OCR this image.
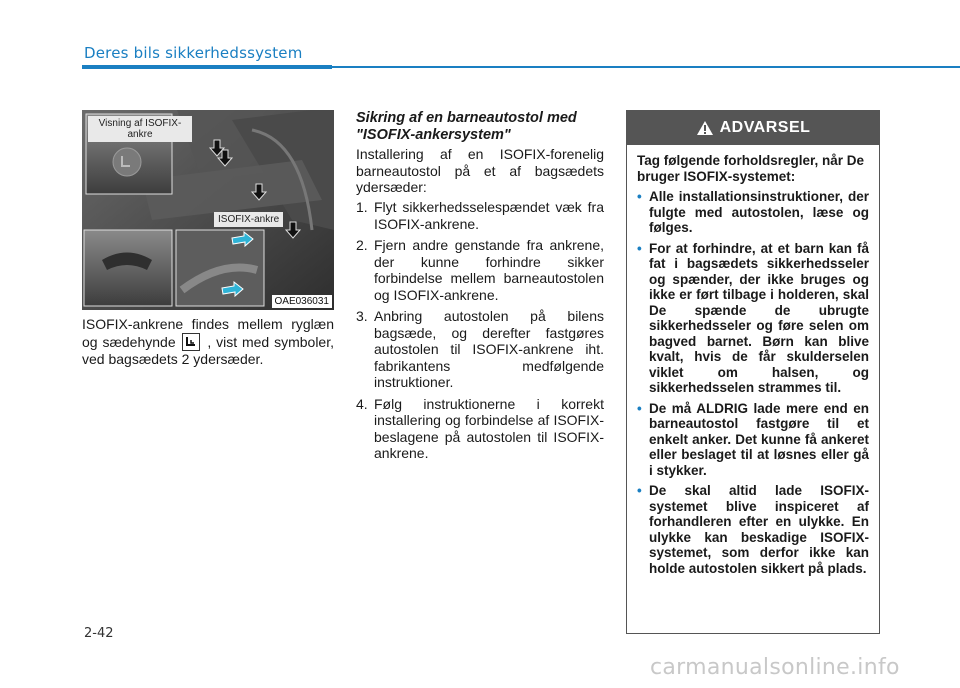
Deres bils sikkerhedssystem
Visning af ISOFIX-ankre
ISOFIX-ankre
OAE036031
ISOFIX-ankrene findes mellem ryglæn og sædehynde , vist med symboler, ved bagsædets 2 ydersæder.
Sikring af en barneautostol med "ISOFIX-ankersystem"
Installering af en ISOFIX-forenelig barneautostol på et af bagsædets ydersæder:
1. Flyt sikkerhedsselespændet væk fra ISOFIX-ankrene.
2. Fjern andre genstande fra ankrene, der kunne forhindre sikker forbindelse mellem barneautostolen og ISOFIX-ankrene.
3. Anbring autostolen på bilens bagsæde, og derefter fastgøres autostolen til ISOFIX-ankrene iht. fabrikantens medfølgende instruktioner.
4. Følg instruktionerne i korrekt installering og forbindelse af ISOFIX-beslagene på autostolen til ISOFIX-ankrene.
ADVARSEL
Tag følgende forholdsregler, når De bruger ISOFIX-systemet:
• Alle installationsinstruktioner, der fulgte med autostolen, læse og følges.
• For at forhindre, at et barn kan få fat i bagsædets sikkerhedsseler og spænder, der ikke bruges og ikke er ført tilbage i holderen, skal De spænde de ubrugte sikkerhedsseler og føre selen om bagved barnet. Børn kan blive kvalt, hvis de får skulderselen viklet om halsen, og sikkerhedsselen strammes til.
• De må ALDRIG lade mere end en barneautostol fastgøre til et enkelt anker. Det kunne få ankeret eller beslaget til at løsnes eller gå i stykker.
• De skal altid lade ISOFIX-systemet blive inspiceret af forhandleren efter en ulykke. En ulykke kan beskadige ISOFIX-systemet, som derfor ikke kan holde autostolen sikkert på plads.
2-42
carmanualsonline.info
